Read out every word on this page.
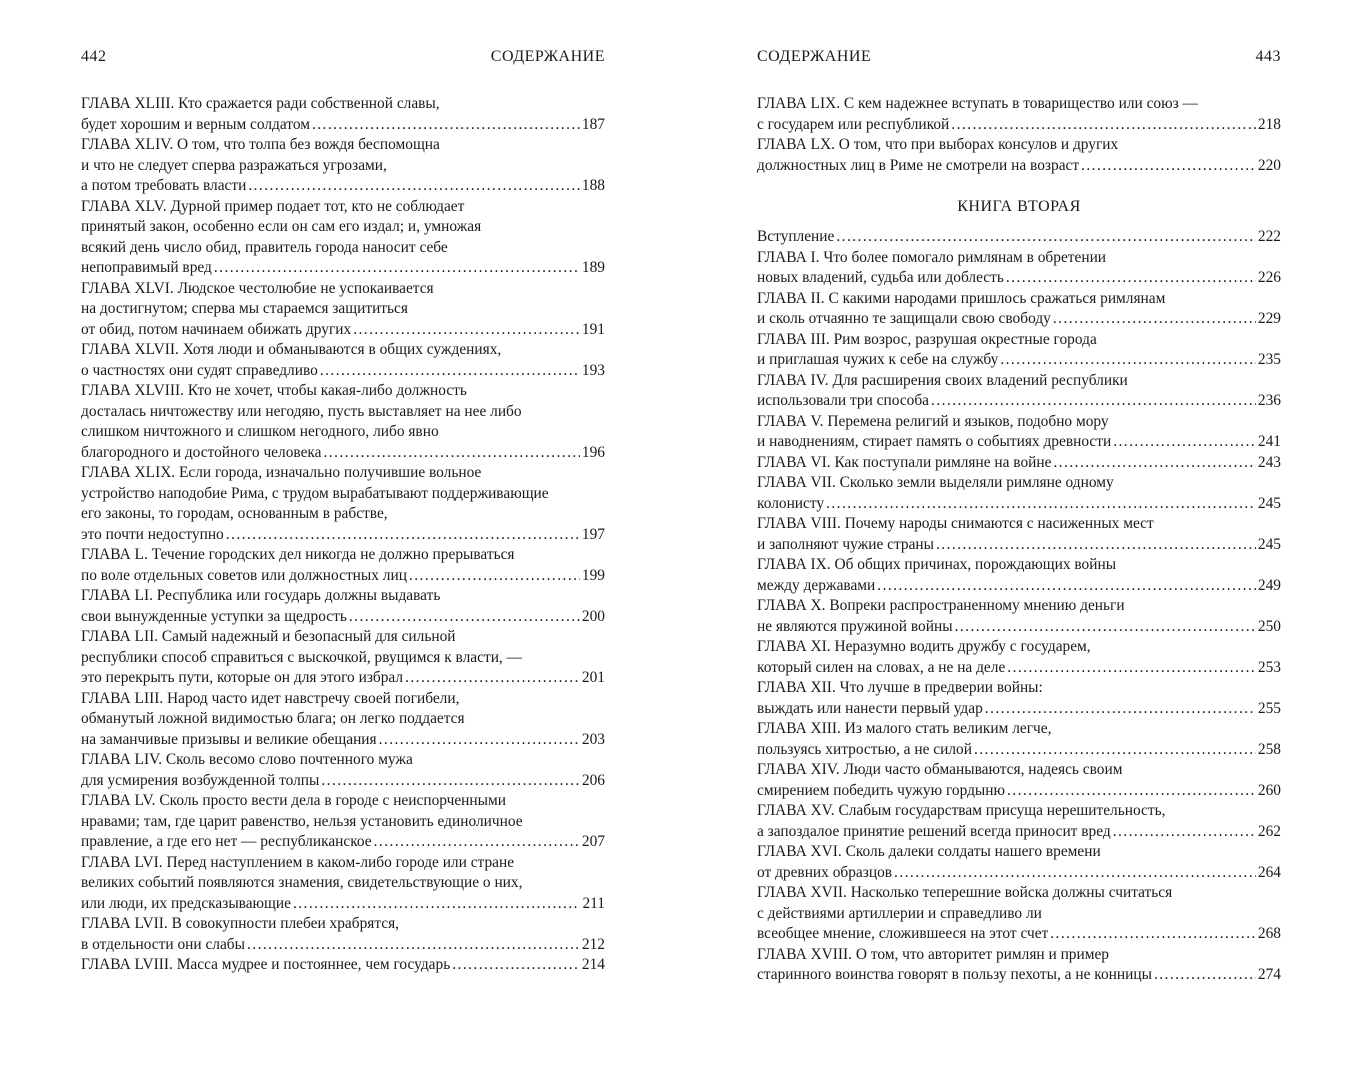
442	СОДЕРЖАНИЕ
ГЛАВА XLIII. Кто сражается ради собственной славы,
будет хорошим и верным солдатом . . .	187
ГЛАВА XLIV. О том, что толпа без вождя беспомощна
и что не следует сперва разражаться угрозами,
а потом требовать власти . . .	188
ГЛАВА XLV. Дурной пример подает тот, кто не соблюдает
принятый закон, особенно если он сам его издал; и, умножая
всякий день число обид, правитель города наносит себе
непоправимый вред . . .	189
ГЛАВА XLVI. Людское честолюбие не успокаивается
на достигнутом; сперва мы стараемся защититься
от обид, потом начинаем обижать других . . .	191
ГЛАВА XLVII. Хотя люди и обманываются в общих суждениях,
о частностях они судят справедливо . . .	193
ГЛАВА XLVIII. Кто не хочет, чтобы какая-либо должность
досталась ничтожеству или негодяю, пусть выставляет на нее либо
слишком ничтожного и слишком негодного, либо явно
благородного и достойного человека . . .	196
ГЛАВА XLIX. Если города, изначально получившие вольное
устройство наподобие Рима, с трудом вырабатывают поддерживающие
его законы, то городам, основанным в рабстве,
это почти недоступно . . .	197
ГЛАВА L. Течение городских дел никогда не должно прерываться
по воле отдельных советов или должностных лиц . . .	199
ГЛАВА LI. Республика или государь должны выдавать
свои вынужденные уступки за щедрость . . .	200
ГЛАВА LII. Самый надежный и безопасный для сильной
республики способ справиться с выскочкой, рвущимся к власти, —
это перекрыть пути, которые он для этого избрал . . .	201
ГЛАВА LIII. Народ часто идет навстречу своей погибели,
обманутый ложной видимостью блага; он легко поддается
на заманчивые призывы и великие обещания . . .	203
ГЛАВА LIV. Сколь весомо слово почтенного мужа
для усмирения возбужденной толпы . . .	206
ГЛАВА LV. Сколь просто вести дела в городе с неиспорченными
нравами; там, где царит равенство, нельзя установить единоличное
правление, а где его нет — республиканское . . .	207
ГЛАВА LVI. Перед наступлением в каком-либо городе или стране
великих событий появляются знамения, свидетельствующие о них,
или люди, их предсказывающие . . .	211
ГЛАВА LVII. В совокупности плебеи храбрятся,
в отдельности они слабы . . .	212
ГЛАВА LVIII. Масса мудрее и постояннее, чем государь . . .	214
СОДЕРЖАНИЕ	443
ГЛАВА LIX. С кем надежнее вступать в товарищество или союз —
с государем или республикой . . .	218
ГЛАВА LX. О том, что при выборах консулов и других
должностных лиц в Риме не смотрели на возраст . . .	220
КНИГА ВТОРАЯ
Вступление . . .	222
ГЛАВА I. Что более помогало римлянам в обретении
новых владений, судьба или доблесть . . .	226
ГЛАВА II. С какими народами пришлось сражаться римлянам
и сколь отчаянно те защищали свою свободу . . .	229
ГЛАВА III. Рим возрос, разрушая окрестные города
и приглашая чужих к себе на службу . . .	235
ГЛАВА IV. Для расширения своих владений республики
использовали три способа . . .	236
ГЛАВА V. Перемена религий и языков, подобно мору
и наводнениям, стирает память о событиях древности . . .	241
ГЛАВА VI. Как поступали римляне на войне . . .	243
ГЛАВА VII. Сколько земли выделяли римляне одному
колонисту . . .	245
ГЛАВА VIII. Почему народы снимаются с насиженных мест
и заполняют чужие страны . . .	245
ГЛАВА IX. Об общих причинах, порождающих войны
между державами . . .	249
ГЛАВА X. Вопреки распространенному мнению деньги
не являются пружиной войны . . .	250
ГЛАВА XI. Неразумно водить дружбу с государем,
который силен на словах, а не на деле . . .	253
ГЛАВА XII. Что лучше в предверии войны:
выждать или нанести первый удар . . .	255
ГЛАВА XIII. Из малого стать великим легче,
пользуясь хитростью, а не силой . . .	258
ГЛАВА XIV. Люди часто обманываются, надеясь своим
смирением победить чужую гордыню . . .	260
ГЛАВА XV. Слабым государствам присуща нерешительность,
а запоздалое принятие решений всегда приносит вред . . .	262
ГЛАВА XVI. Сколь далеки солдаты нашего времени
от древних образцов . . .	264
ГЛАВА XVII. Насколько теперешние войска должны считаться
с действиями артиллерии и справедливо ли
всеобщее мнение, сложившееся на этот счет . . .	268
ГЛАВА XVIII. О том, что авторитет римлян и пример
старинного воинства говорят в пользу пехоты, а не конницы . . .	274
